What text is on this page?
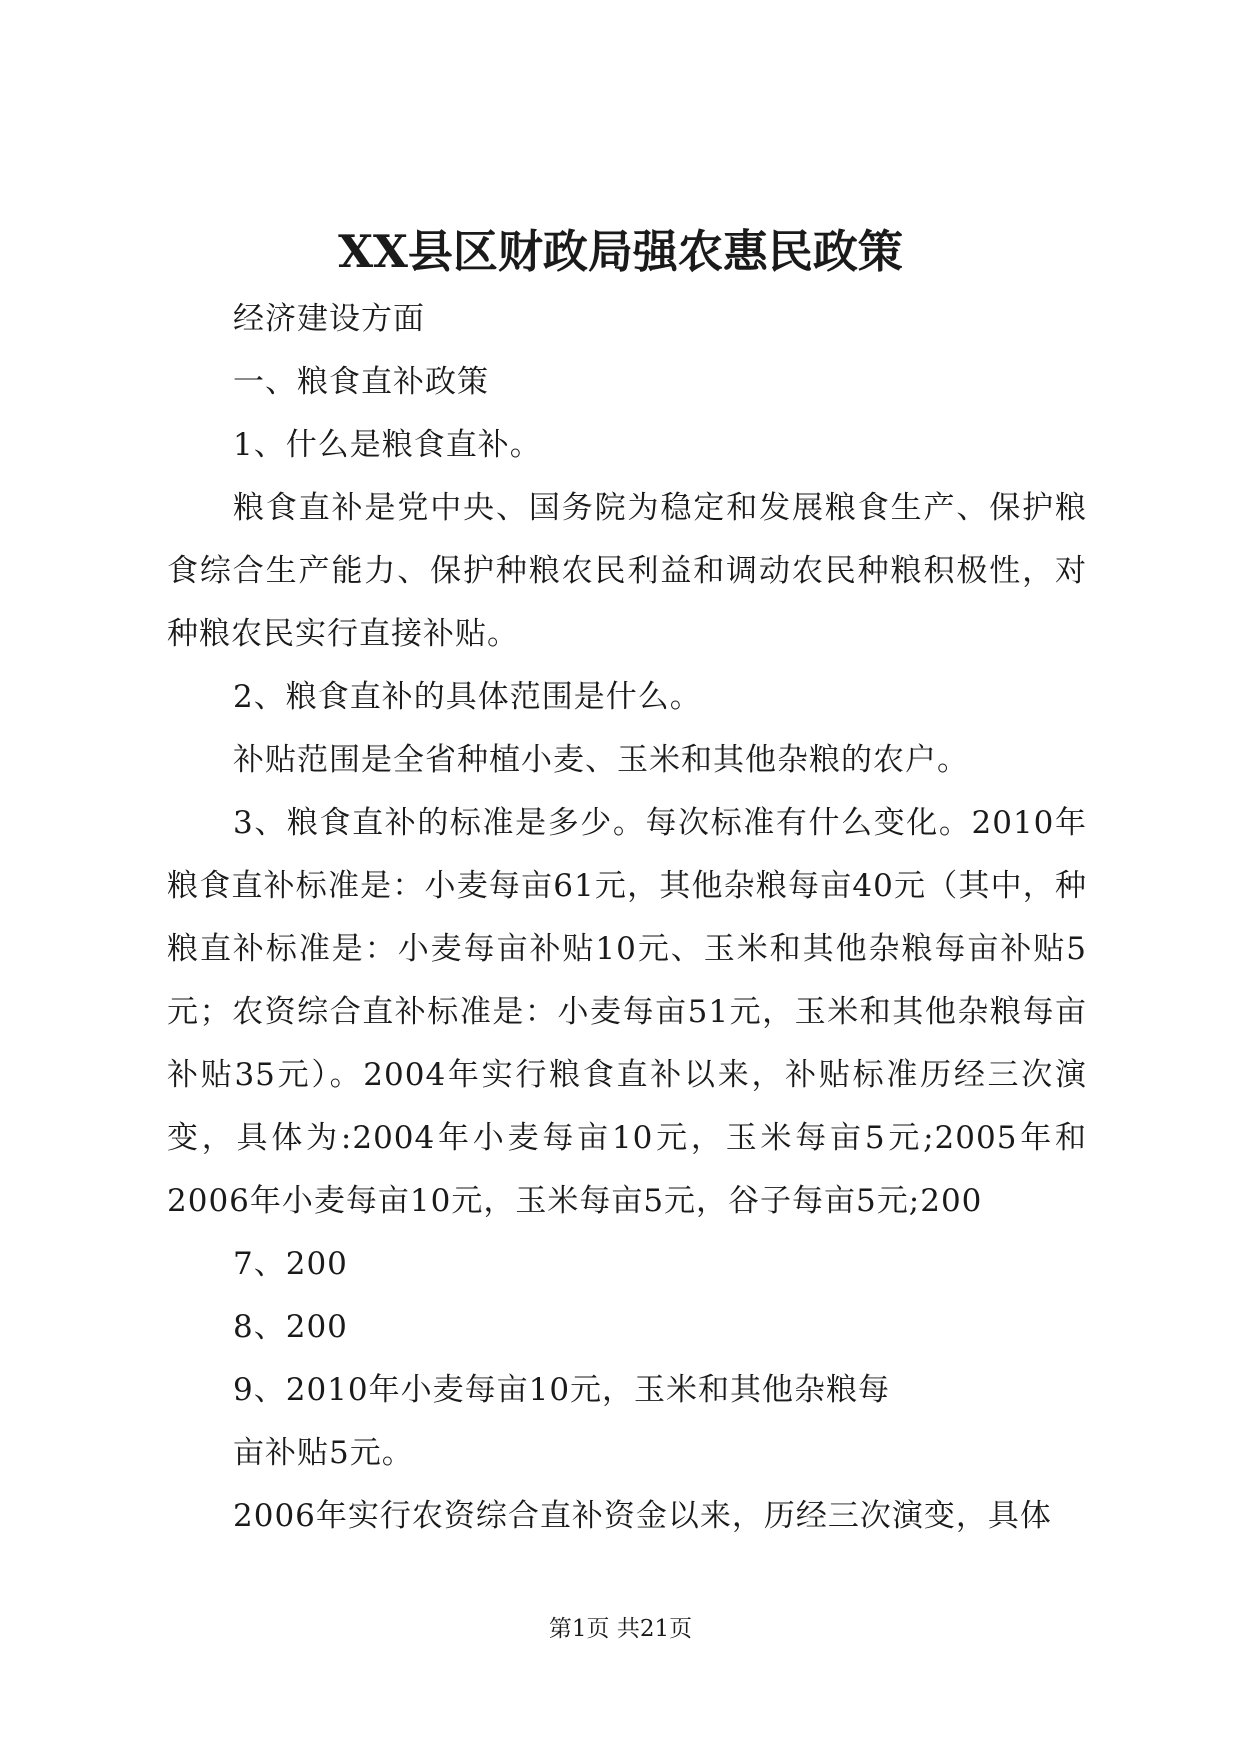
XX县区财政局强农惠民政策

经济建设方面

一、粮食直补政策

1、什么是粮食直补。

粮食直补是党中央、国务院为稳定和发展粮食生产、保护粮食综合生产能力、保护种粮农民利益和调动农民种粮积极性，对种粮农民实行直接补贴。

2、粮食直补的具体范围是什么。

补贴范围是全省种植小麦、玉米和其他杂粮的农户。

3、粮食直补的标准是多少。每次标准有什么变化。2010年粮食直补标准是：小麦每亩61元，其他杂粮每亩40元（其中，种粮直补标准是：小麦每亩补贴10元、玉米和其他杂粮每亩补贴5元；农资综合直补标准是：小麦每亩51元，玉米和其他杂粮每亩补贴35元）。2004年实行粮食直补以来，补贴标准历经三次演变，具体为:2004年小麦每亩10元，玉米每亩5元;2005年和2006年小麦每亩10元，玉米每亩5元，谷子每亩5元;200

7、200

8、200

9、2010年小麦每亩10元，玉米和其他杂粮每

亩补贴5元。

2006年实行农资综合直补资金以来，历经三次演变，具体

第1页 共21页
